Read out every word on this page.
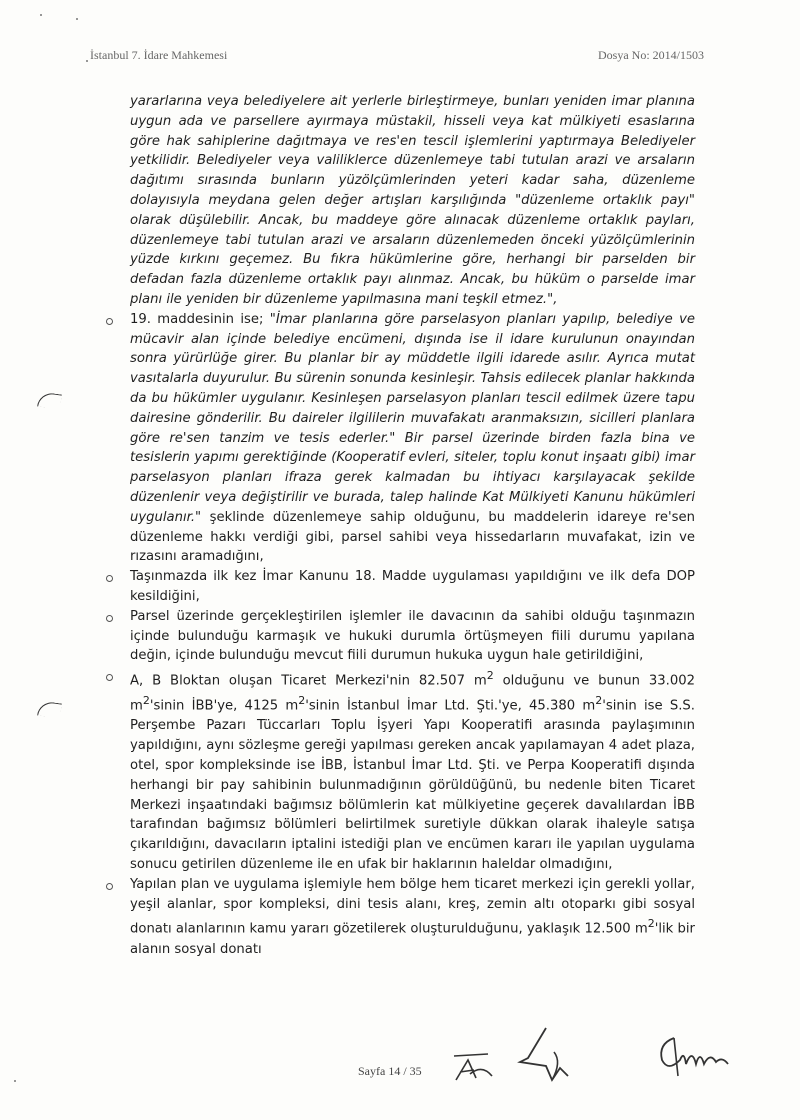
İstanbul 7. İdare Mahkemesi	Dosya No: 2014/1503

yararlarına veya belediyelere ait yerlerle birleştirmeye, bunları yeniden imar planına uygun ada ve parsellere ayırmaya müstakil, hisseli veya kat mülkiyeti esaslarına göre hak sahiplerine dağıtmaya ve res'en tescil işlemlerini yaptırmaya Belediyeler yetkilidir. Belediyeler veya valiliklerce düzenlemeye tabi tutulan arazi ve arsaların dağıtımı sırasında bunların yüzölçümlerinden yeteri kadar saha, düzenleme dolayısıyla meydana gelen değer artışları karşılığında "düzenleme ortaklık payı" olarak düşülebilir. Ancak, bu maddeye göre alınacak düzenleme ortaklık payları, düzenlemeye tabi tutulan arazi ve arsaların düzenlemeden önceki yüzölçümlerinin yüzde kırkını geçemez. Bu fıkra hükümlerine göre, herhangi bir parselden bir defadan fazla düzenleme ortaklık payı alınmaz. Ancak, bu hüküm o parselde imar planı ile yeniden bir düzenleme yapılmasına mani teşkil etmez.",

19. maddesinin ise; "İmar planlarına göre parselasyon planları yapılıp, belediye ve mücavir alan içinde belediye encümeni, dışında ise il idare kurulunun onayından sonra yürürlüğe girer. Bu planlar bir ay müddetle ilgili idarede asılır. Ayrıca mutat vasıtalarla duyurulur. Bu sürenin sonunda kesinleşir. Tahsis edilecek planlar hakkında da bu hükümler uygulanır. Kesinleşen parselasyon planları tescil edilmek üzere tapu dairesine gönderilir. Bu daireler ilgililerin muvafakatı aranmaksızın, sicilleri planlara göre re'sen tanzim ve tesis ederler." Bir parsel üzerinde birden fazla bina ve tesislerin yapımı gerektiğinde (Kooperatif evleri, siteler, toplu konut inşaatı gibi) imar parselasyon planları ifraza gerek kalmadan bu ihtiyacı karşılayacak şekilde düzenlenir veya değiştirilir ve burada, talep halinde Kat Mülkiyeti Kanunu hükümleri uygulanır." şeklinde düzenlemeye sahip olduğunu, bu maddelerin idareye re'sen düzenleme hakkı verdiği gibi, parsel sahibi veya hissedarların muvafakat, izin ve rızasını aramadığını,
Taşınmazda ilk kez İmar Kanunu 18. Madde uygulaması yapıldığını ve ilk defa DOP kesildiğini,
Parsel üzerinde gerçekleştirilen işlemler ile davacının da sahibi olduğu taşınmazın içinde bulunduğu karmaşık ve hukuki durumla örtüşmeyen fiili durumu yapılana değin, içinde bulunduğu mevcut fiili durumun hukuka uygun hale getirildiğini,
A, B Bloktan oluşan Ticaret Merkezi'nin 82.507 $m^2$ olduğunu ve bunun 33.002 $m^2'sinin$ İBB'ye, 4125 $m^2'sinin$ İstanbul İmar Ltd. Şti.'ye, 45.380 $m^2'sinin$ ise S.S. Perşembe Pazarı Tüccarları Toplu İşyeri Yapı Kooperatifi arasında paylaşımının yapıldığını, aynı sözleşme gereği yapılması gereken ancak yapılamayan 4 adet plaza, otel, spor kompleksinde ise İBB, İstanbul İmar Ltd. Şti. ve Perpa Kooperatifi dışında herhangi bir pay sahibinin bulunmadığının görüldüğünü, bu nedenle biten Ticaret Merkezi inşaatındaki bağımsız bölümlerin kat mülkiyetine geçerek davalılardan İBB tarafından bağımsız bölümleri belirtilmek suretiyle dükkan olarak ihaleyle satışa çıkarıldığını, davacıların iptalini istediği plan ve encümen kararı ile yapılan uygulama sonucu getirilen düzenleme ile en ufak bir haklarının haleldar olmadığını,
Yapılan plan ve uygulama işlemiyle hem bölge hem ticaret merkezi için gerekli yollar, yeşil alanlar, spor kompleksi, dini tesis alanı, kreş, zemin altı otoparkı gibi sosyal donatı alanlarının kamu yararı gözetilerek oluşturulduğunu, yaklaşık 12.500 $m^2'lik$ bir alanın sosyal donatı
Sayfa 14 / 35
